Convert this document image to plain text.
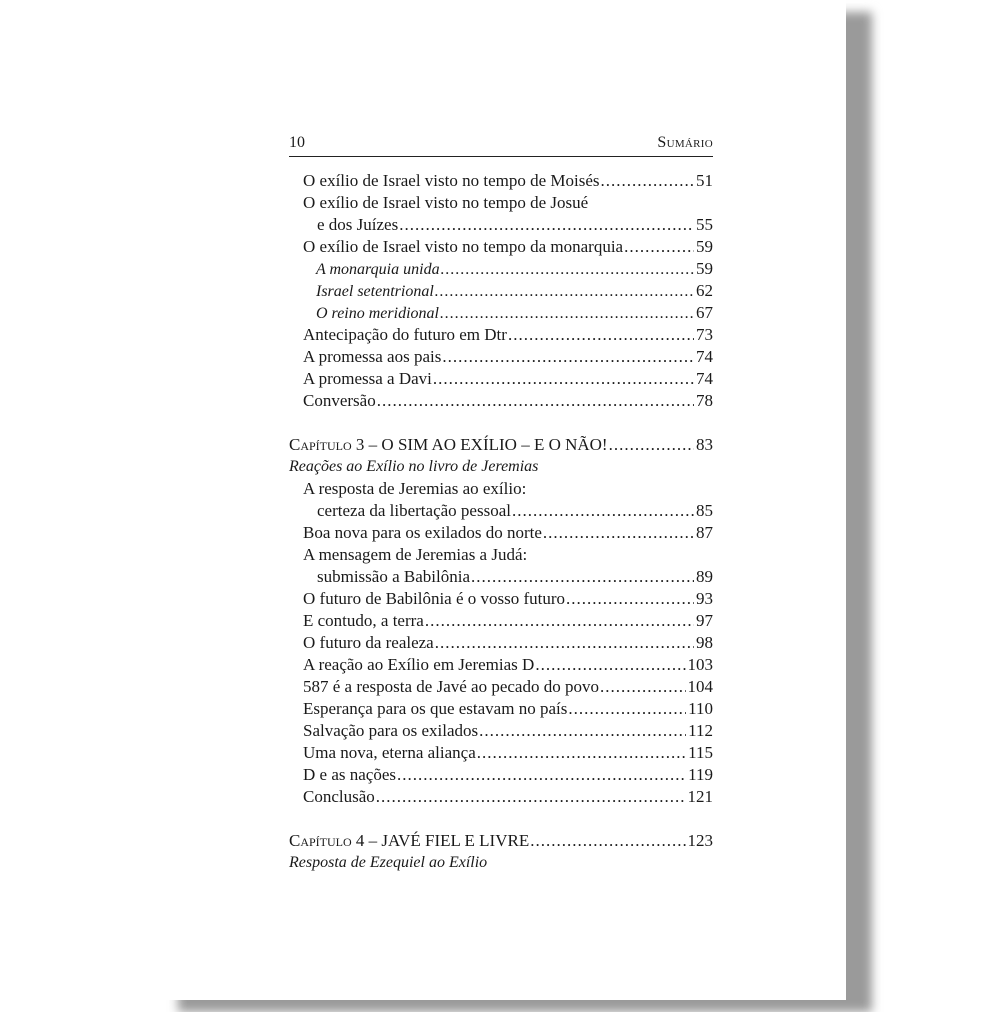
10	Sumário
O exílio de Israel visto no tempo de Moisés .....	51
O exílio de Israel visto no tempo de Josué
e dos Juízes .....	55
O exílio de Israel visto no tempo da monarquia .....	59
A monarquia unida .....	59
Israel setentrional .....	62
O reino meridional .....	67
Antecipação do futuro em Dtr .....	73
A promessa aos pais .....	74
A promessa a Davi .....	74
Conversão .....	78
Capítulo 3 – O SIM AO EXÍLIO – E O NÃO! .....	83
Reações ao Exílio no livro de Jeremias
A resposta de Jeremias ao exílio:
certeza da libertação pessoal .....	85
Boa nova para os exilados do norte .....	87
A mensagem de Jeremias a Judá:
submissão a Babilônia .....	89
O futuro de Babilônia é o vosso futuro .....	93
E contudo, a terra .....	97
O futuro da realeza .....	98
A reação ao Exílio em Jeremias D .....	103
587 é a resposta de Javé ao pecado do povo .....	104
Esperança para os que estavam no país .....	110
Salvação para os exilados .....	112
Uma nova, eterna aliança .....	115
D e as nações .....	119
Conclusão .....	121
Capítulo 4 – JAVÉ FIEL E LIVRE .....	123
Resposta de Ezequiel ao Exílio
